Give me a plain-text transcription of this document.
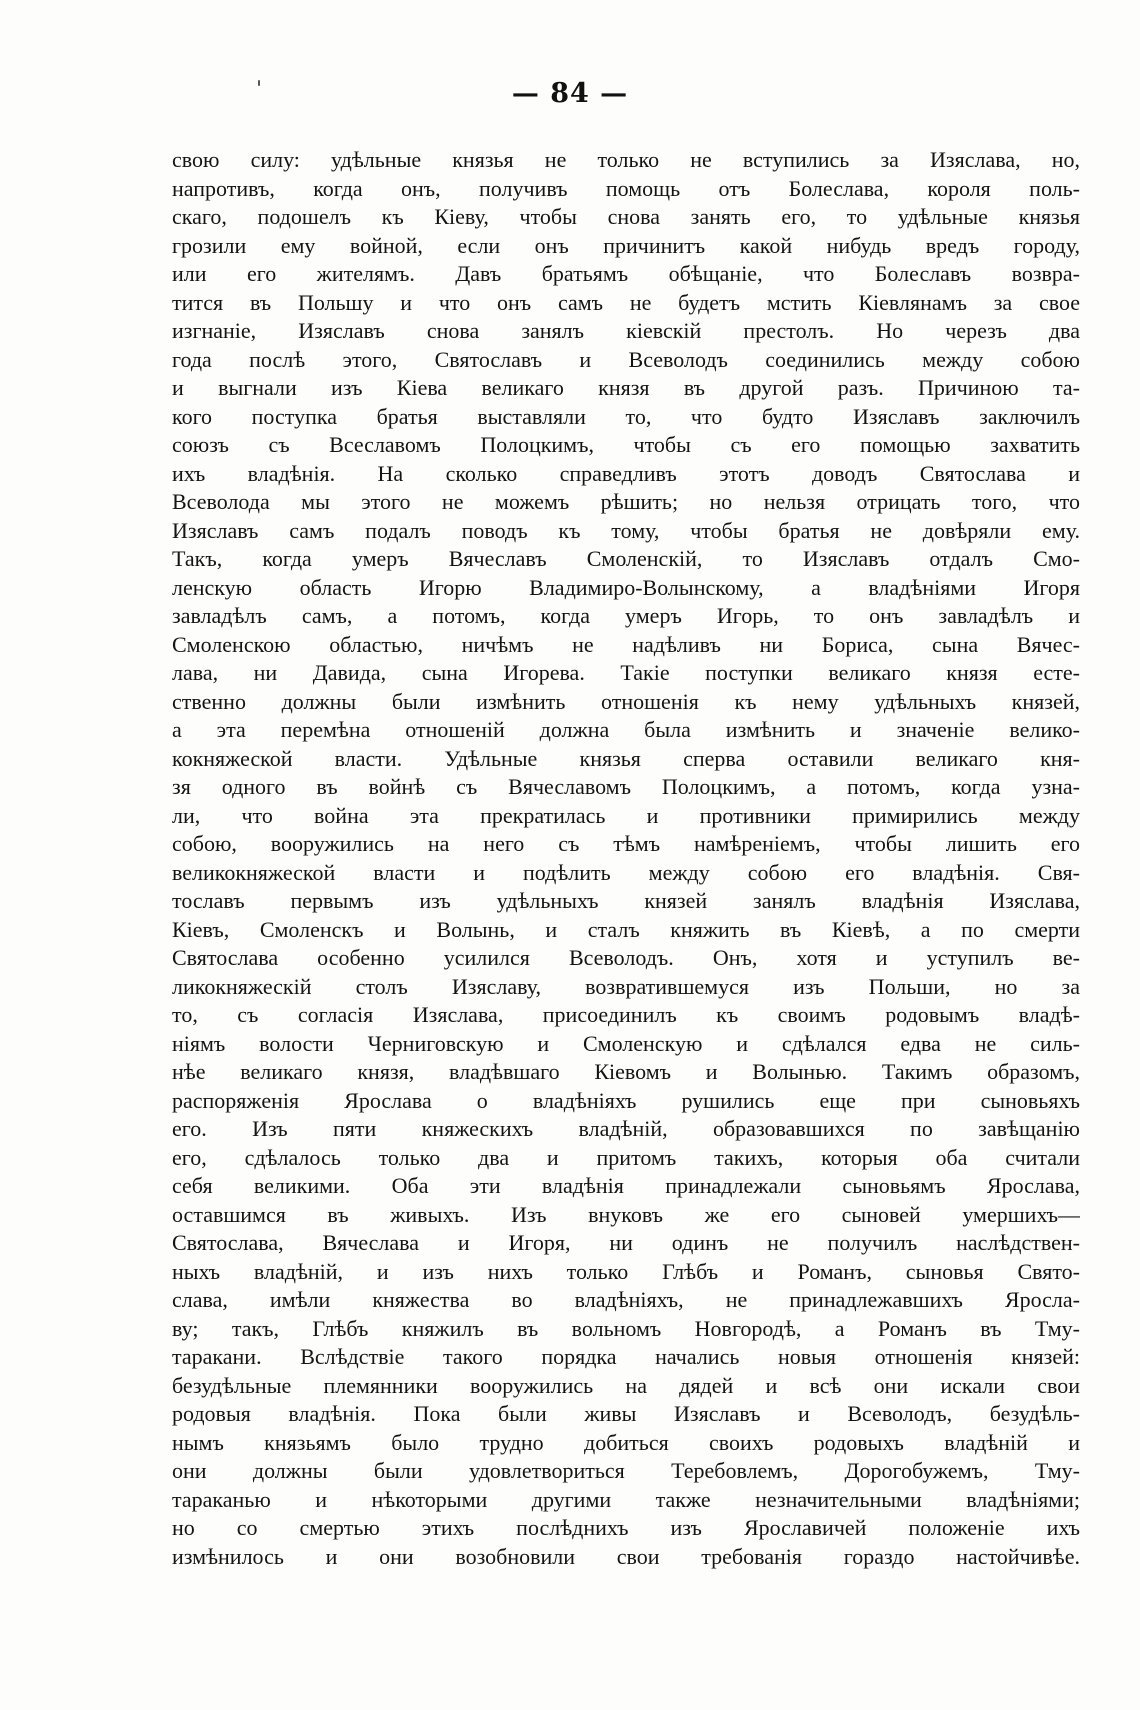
— 84 —
свою силу: удѣльные князья не только не вступились за Изяслава, но,
напротивъ, когда онъ, получивъ помощь отъ Болеслава, короля поль-
скаго, подошелъ къ Кіеву, чтобы снова занять его, то удѣльные князья
грозили ему войной, если онъ причинитъ какой нибудь вредъ городу,
или его жителямъ. Давъ братьямъ обѣщаніе, что Болеславъ возвра-
тится въ Польшу и что онъ самъ не будетъ мстить Кіевлянамъ за свое
изгнаніе, Изяславъ снова занялъ кіевскій престолъ. Но черезъ два
года послѣ этого, Святославъ и Всеволодъ соединились между собою
и выгнали изъ Кіева великаго князя въ другой разъ. Причиною та-
кого поступка братья выставляли то, что будто Изяславъ заключилъ
союзъ съ Всеславомъ Полоцкимъ, чтобы съ его помощью захватить
ихъ владѣнія. На сколько справедливъ этотъ доводъ Святослава и
Всеволода мы этого не можемъ рѣшить; но нельзя отрицать того, что
Изяславъ самъ подалъ поводъ къ тому, чтобы братья не довѣряли ему.
Такъ, когда умеръ Вячеславъ Смоленскій, то Изяславъ отдалъ Смо-
ленскую область Игорю Владимиро-Волынскому, а владѣніями Игоря
завладѣлъ самъ, а потомъ, когда умеръ Игорь, то онъ завладѣлъ и
Смоленскою областью, ничѣмъ не надѣливъ ни Бориса, сына Вячес-
лава, ни Давида, сына Игорева. Такіе поступки великаго князя есте-
ственно должны были измѣнить отношенія къ нему удѣльныхъ князей,
а эта перемѣна отношеній должна была измѣнить и значеніе велико-
кокняжеской власти. Удѣльные князья сперва оставили великаго кня-
зя одного въ войнѣ съ Вячеславомъ Полоцкимъ, а потомъ, когда узна-
ли, что война эта прекратилась и противники примирились между
собою, вооружились на него съ тѣмъ намѣреніемъ, чтобы лишить его
великокняжеской власти и подѣлить между собою его владѣнія. Свя-
тославъ первымъ изъ удѣльныхъ князей занялъ владѣнія Изяслава,
Кіевъ, Смоленскъ и Волынь, и сталъ княжить въ Кіевѣ, а по смерти
Святослава особенно усилился Всеволодъ. Онъ, хотя и уступилъ ве-
ликокняжескій столъ Изяславу, возвратившемуся изъ Польши, но за
то, съ согласія Изяслава, присоединилъ къ своимъ родовымъ владѣ-
ніямъ волости Черниговскую и Смоленскую и сдѣлался едва не силь-
нѣе великаго князя, владѣвшаго Кіевомъ и Волынью. Такимъ образомъ,
распоряженія Ярослава о владѣніяхъ рушились еще при сыновьяхъ
его. Изъ пяти княжескихъ владѣній, образовавшихся по завѣщанію
его, сдѣлалось только два и притомъ такихъ, которыя оба считали
себя великими. Оба эти владѣнія принадлежали сыновьямъ Ярослава,
оставшимся въ живыхъ. Изъ внуковъ же его сыновей умершихъ—
Святослава, Вячеслава и Игоря, ни одинъ не получилъ наслѣдствен-
ныхъ владѣній, и изъ нихъ только Глѣбъ и Романъ, сыновья Свято-
слава, имѣли княжества во владѣніяхъ, не принадлежавшихъ Яросла-
ву; такъ, Глѣбъ княжилъ въ вольномъ Новгородѣ, а Романъ въ Тму-
таракани. Вслѣдствіе такого порядка начались новыя отношенія князей:
безудѣльные племянники вооружились на дядей и всѣ они искали свои
родовыя владѣнія. Пока были живы Изяславъ и Всеволодъ, безудѣль-
нымъ князьямъ было трудно добиться своихъ родовыхъ владѣній и
они должны были удовлетворитьcя Теребовлемъ, Дорогобужемъ, Тму-
тараканью и нѣкоторыми другими также незначительными владѣніями;
но со смертью этихъ послѣднихъ изъ Ярославичей положеніе ихъ
измѣнилось и они возобновили свои требованія гораздо настойчивѣе.
